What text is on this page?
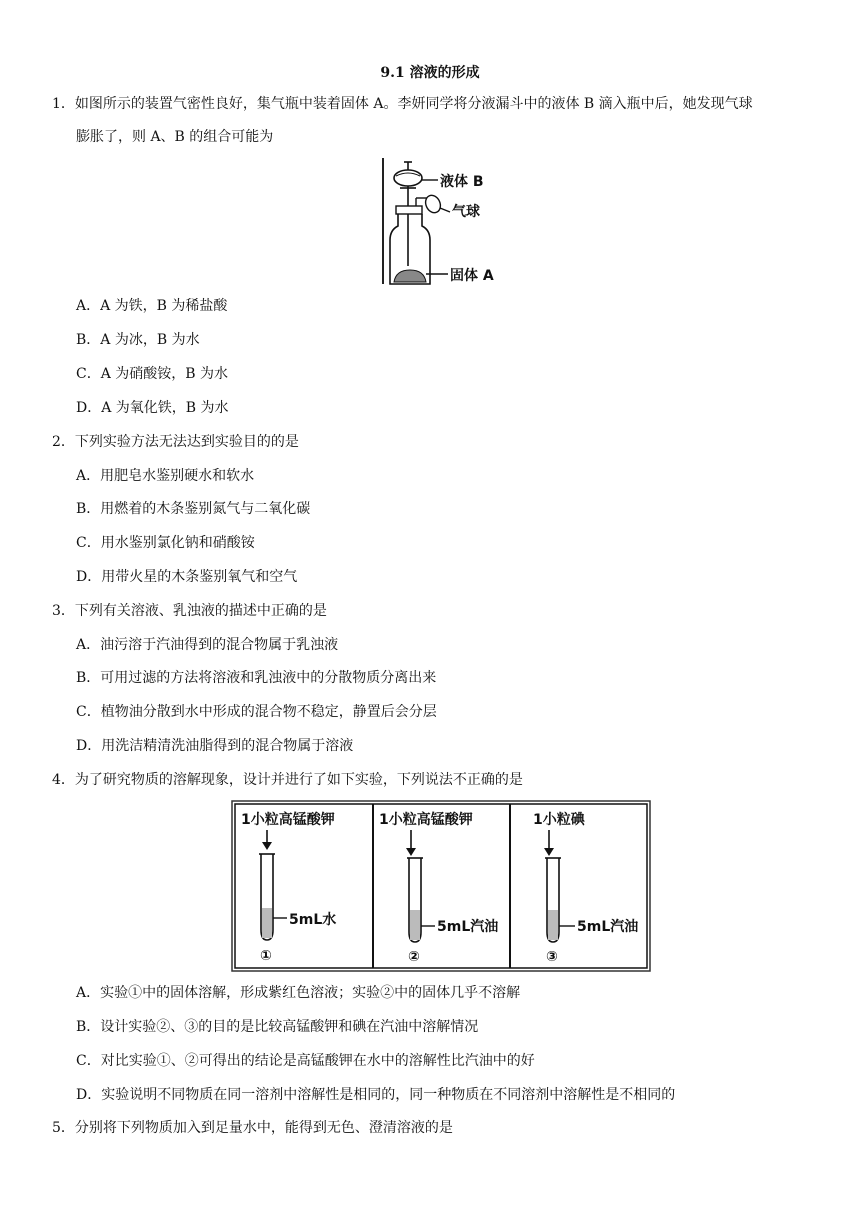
9.1 溶液的形成
1．如图所示的装置气密性良好，集气瓶中装着固体 A。李妍同学将分液漏斗中的液体 B 滴入瓶中后，她发现气球
膨胀了，则 A、B 的组合可能为
液体 B
气球
固体 A
A．A 为铁，B 为稀盐酸
B．A 为冰，B 为水
C．A 为硝酸铵，B 为水
D．A 为氧化铁，B 为水
2．下列实验方法无法达到实验目的的是
A．用肥皂水鉴别硬水和软水
B．用燃着的木条鉴别氮气与二氧化碳
C．用水鉴别氯化钠和硝酸铵
D．用带火星的木条鉴别氧气和空气
3．下列有关溶液、乳浊液的描述中正确的是
A．油污溶于汽油得到的混合物属于乳浊液
B．可用过滤的方法将溶液和乳浊液中的分散物质分离出来
C．植物油分散到水中形成的混合物不稳定，静置后会分层
D．用洗洁精清洗油脂得到的混合物属于溶液
4．为了研究物质的溶解现象，设计并进行了如下实验，下列说法不正确的是
1小粒高锰酸钾
5mL水
①
1小粒高锰酸钾
5mL汽油
②
1小粒碘
5mL汽油
③
A．实验①中的固体溶解，形成紫红色溶液；实验②中的固体几乎不溶解
B．设计实验②、③的目的是比较高锰酸钾和碘在汽油中溶解情况
C．对比实验①、②可得出的结论是高锰酸钾在水中的溶解性比汽油中的好
D．实验说明不同物质在同一溶剂中溶解性是相同的，同一种物质在不同溶剂中溶解性是不相同的
5．分别将下列物质加入到足量水中，能得到无色、澄清溶液的是
